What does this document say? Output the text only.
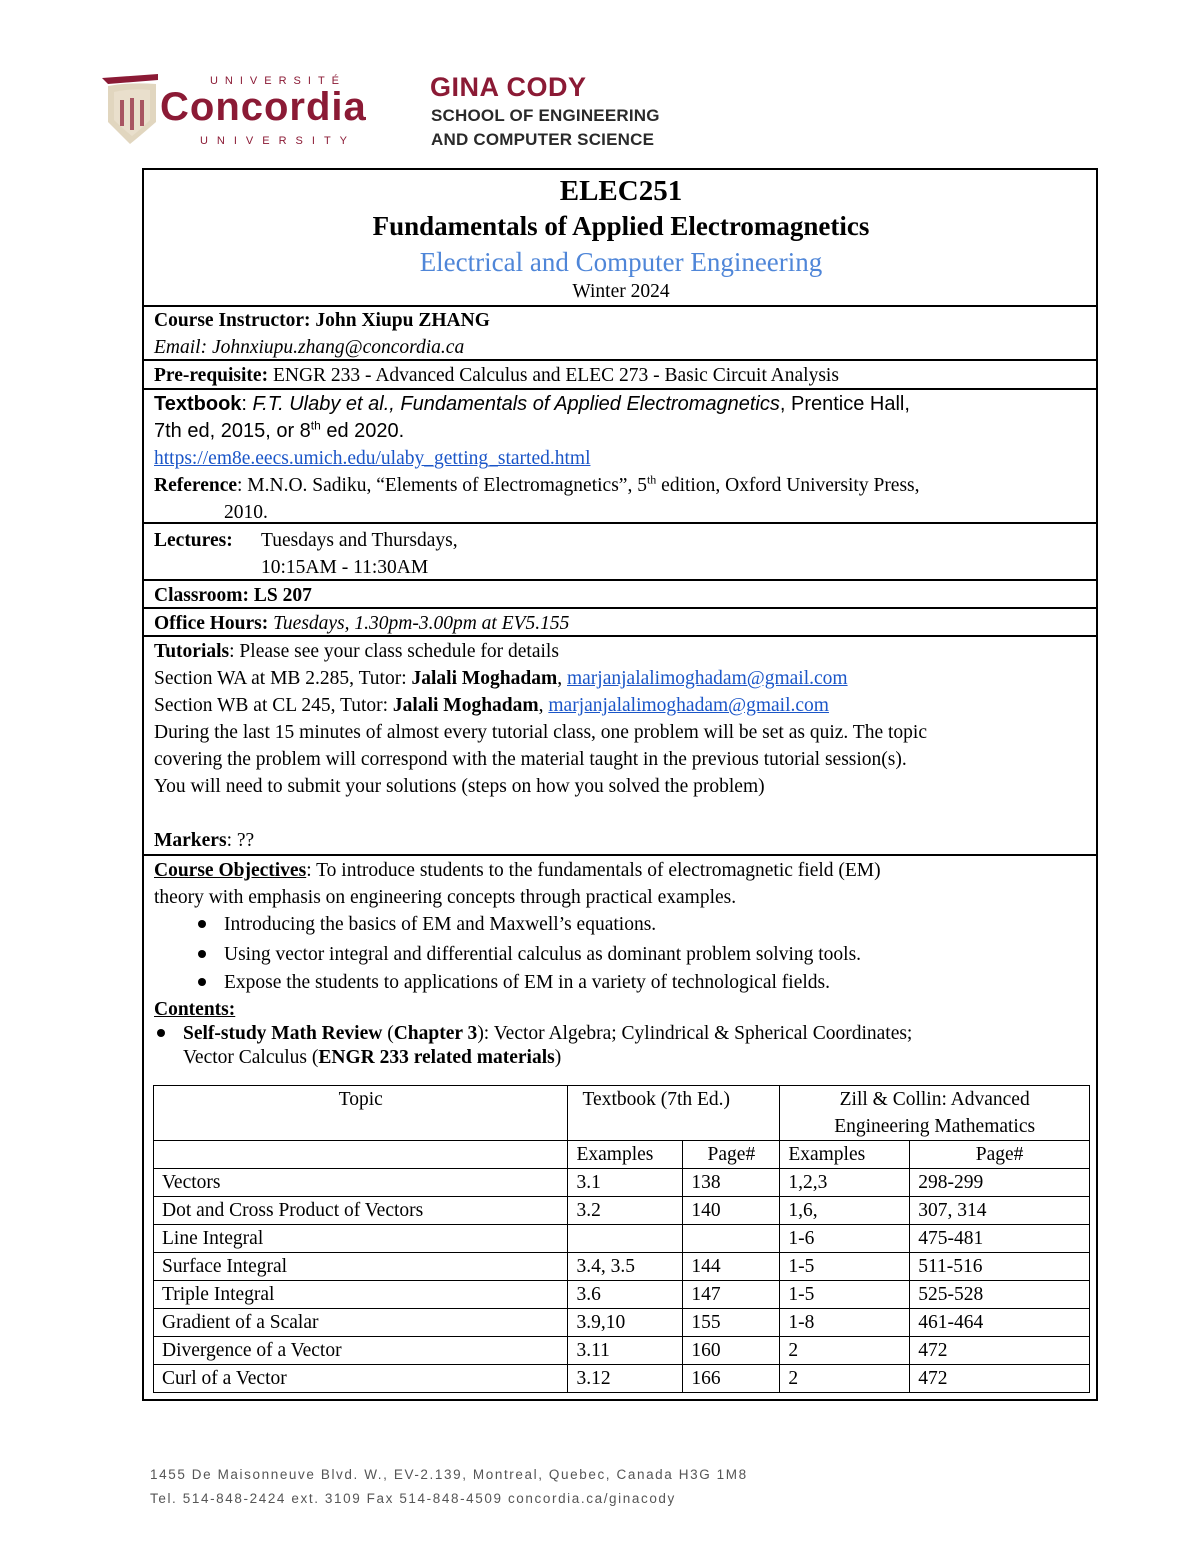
UNIVERSITÉ
Concordia
UNIVERSITY
GINA CODY
SCHOOL OF ENGINEERING
AND COMPUTER SCIENCE
ELEC251
Fundamentals of Applied Electromagnetics
Electrical and Computer Engineering
Winter 2024
Course Instructor: John Xiupu ZHANG
Email: Johnxiupu.zhang@concordia.ca
Pre-requisite: ENGR 233 - Advanced Calculus and ELEC 273 - Basic Circuit Analysis
Textbook: F.T. Ulaby et al., Fundamentals of Applied Electromagnetics, Prentice Hall,
7th ed, 2015, or 8th ed 2020.
https://em8e.eecs.umich.edu/ulaby_getting_started.html
Reference: M.N.O. Sadiku, “Elements of Electromagnetics”, 5th edition, Oxford University Press,
2010.
Lectures: Tuesdays and Thursdays,
10:15AM - 11:30AM
Classroom: LS 207
Office Hours: Tuesdays, 1.30pm-3.00pm at EV5.155
Tutorials: Please see your class schedule for details
Section WA at MB 2.285, Tutor: Jalali Moghadam, marjanjalalimoghadam@gmail.com
Section WB at CL 245, Tutor: Jalali Moghadam, marjanjalalimoghadam@gmail.com
During the last 15 minutes of almost every tutorial class, one problem will be set as quiz. The topic
covering the problem will correspond with the material taught in the previous tutorial session(s).
You will need to submit your solutions (steps on how you solved the problem)
Markers: ??
Course Objectives: To introduce students to the fundamentals of electromagnetic field (EM)
theory with emphasis on engineering concepts through practical examples.
Introducing the basics of EM and Maxwell’s equations.
Using vector integral and differential calculus as dominant problem solving tools.
Expose the students to applications of EM in a variety of technological fields.
Contents:
Self-study Math Review (Chapter 3): Vector Algebra; Cylindrical & Spherical Coordinates;
Vector Calculus (ENGR 233 related materials)
Topic	Textbook (7th Ed.)		Zill & Collin: Advanced
Engineering Mathematics	

	Examples	Page#	Examples	Page#
Vectors	3.1	138	1,2,3	298-299
Dot and Cross Product of Vectors	3.2	140	1,6,	307, 314
Line Integral			1-6	475-481
Surface Integral	3.4, 3.5	144	1-5	511-516
Triple Integral	3.6	147	1-5	525-528
Gradient of a Scalar	3.9,10	155	1-8	461-464
Divergence of a Vector	3.11	160	2	472
Curl of a Vector	3.12	166	2	472
1455 De Maisonneuve Blvd. W., EV-2.139, Montreal, Quebec, Canada H3G 1M8
Tel. 514-848-2424 ext. 3109 Fax 514-848-4509 concordia.ca/ginacody
